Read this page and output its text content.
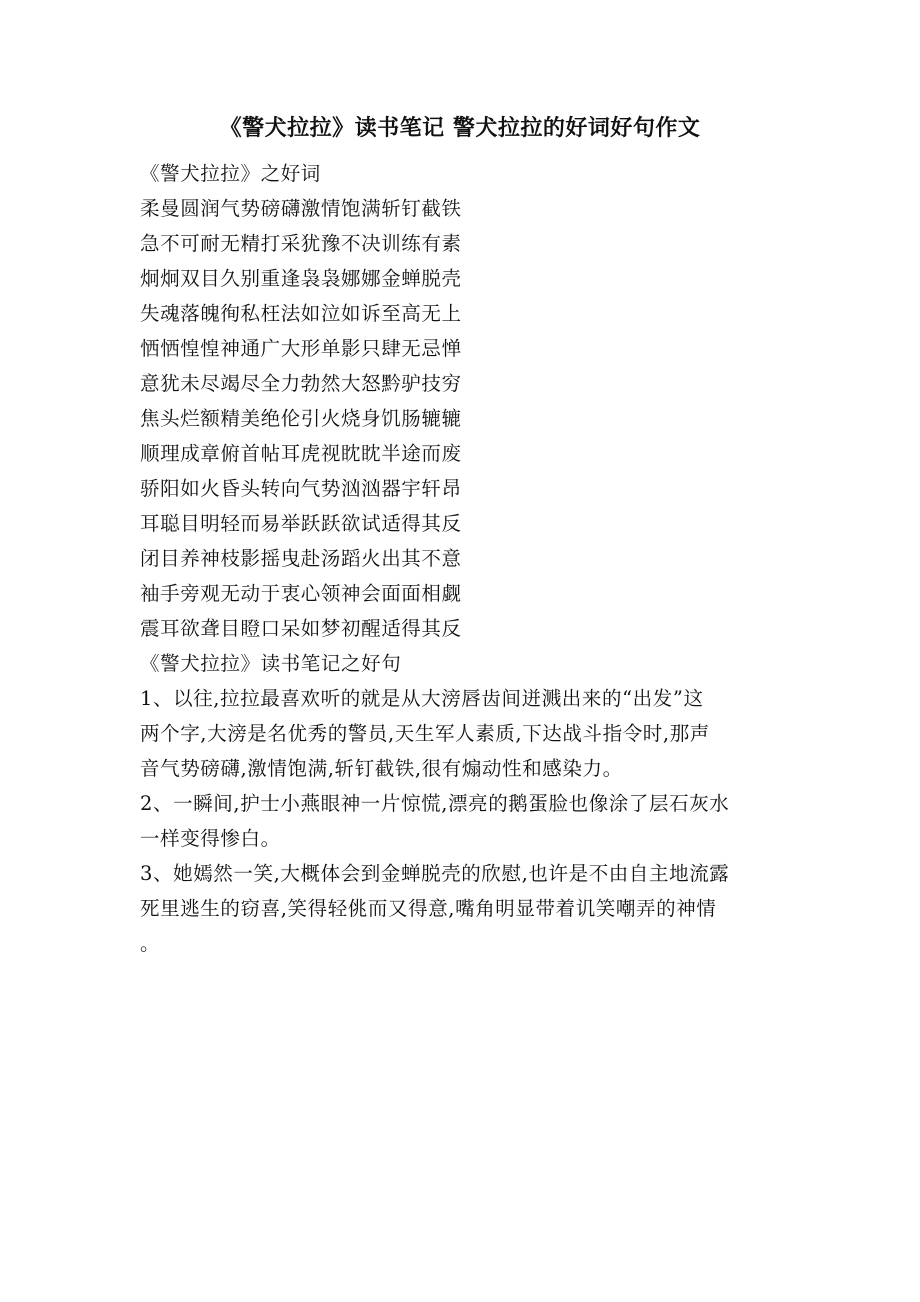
《警犬拉拉》读书笔记 警犬拉拉的好词好句作文
《警犬拉拉》之好词
柔曼圆润气势磅礴激情饱满斩钉截铁
急不可耐无精打采犹豫不决训练有素
炯炯双目久别重逢袅袅娜娜金蝉脱壳
失魂落魄徇私枉法如泣如诉至高无上
恓恓惶惶神通广大形单影只肆无忌惮
意犹未尽竭尽全力勃然大怒黔驴技穷
焦头烂额精美绝伦引火烧身饥肠辘辘
顺理成章俯首帖耳虎视眈眈半途而废
骄阳如火昏头转向气势汹汹器宇轩昂
耳聪目明轻而易举跃跃欲试适得其反
闭目养神枝影摇曳赴汤蹈火出其不意
袖手旁观无动于衷心领神会面面相觑
震耳欲聋目瞪口呆如梦初醒适得其反
《警犬拉拉》读书笔记之好句
1、以往,拉拉最喜欢听的就是从大滂唇齿间迸溅出来的“出发”这
两个字,大滂是名优秀的警员,天生军人素质,下达战斗指令时,那声
音气势磅礴,激情饱满,斩钉截铁,很有煽动性和感染力。
2、一瞬间,护士小燕眼神一片惊慌,漂亮的鹅蛋脸也像涂了层石灰水
一样变得惨白。
3、她嫣然一笑,大概体会到金蝉脱壳的欣慰,也许是不由自主地流露
死里逃生的窃喜,笑得轻佻而又得意,嘴角明显带着讥笑嘲弄的神情
。
